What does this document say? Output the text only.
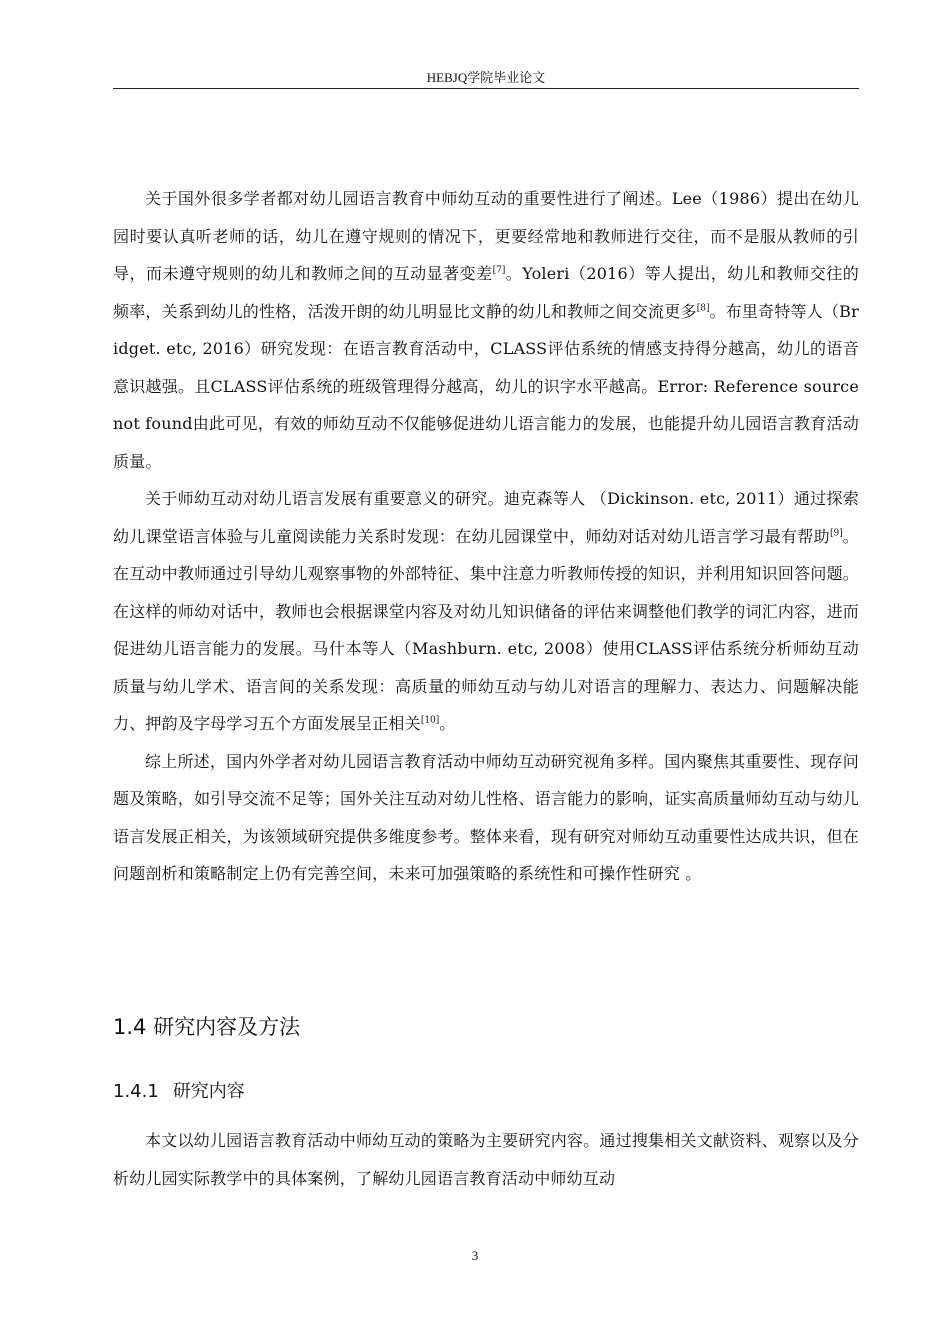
HEBJQ学院毕业论文

关于国外很多学者都对幼儿园语言教育中师幼互动的重要性进行了阐述。Lee（1986）提出在幼儿园时要认真听老师的话，幼儿在遵守规则的情况下，更要经常地和教师进行交往，而不是服从教师的引导，而未遵守规则的幼儿和教师之间的互动显著变差[7]。Yoleri（2016）等人提出，幼儿和教师交往的频率，关系到幼儿的性格，活泼开朗的幼儿明显比文静的幼儿和教师之间交流更多[8]。布里奇特等人（Bridget. etc, 2016）研究发现：在语言教育活动中，CLASS评估系统的情感支持得分越高，幼儿的语音意识越强。且CLASS评估系统的班级管理得分越高，幼儿的识字水平越高。Error: Reference source not found由此可见，有效的师幼互动不仅能够促进幼儿语言能力的发展，也能提升幼儿园语言教育活动质量。

关于师幼互动对幼儿语言发展有重要意义的研究。迪克森等人 （Dickinson. etc, 2011）通过探索幼儿课堂语言体验与儿童阅读能力关系时发现：在幼儿园课堂中，师幼对话对幼儿语言学习最有帮助[9]。在互动中教师通过引导幼儿观察事物的外部特征、集中注意力听教师传授的知识，并利用知识回答问题。在这样的师幼对话中，教师也会根据课堂内容及对幼儿知识储备的评估来调整他们教学的词汇内容，进而促进幼儿语言能力的发展。马什本等人（Mashburn. etc, 2008）使用CLASS评估系统分析师幼互动质量与幼儿学术、语言间的关系发现：高质量的师幼互动与幼儿对语言的理解力、表达力、问题解决能力、押韵及字母学习五个方面发展呈正相关[10]。

综上所述，国内外学者对幼儿园语言教育活动中师幼互动研究视角多样。国内聚焦其重要性、现存问题及策略，如引导交流不足等；国外关注互动对幼儿性格、语言能力的影响，证实高质量师幼互动与幼儿语言发展正相关，为该领域研究提供多维度参考。整体来看，现有研究对师幼互动重要性达成共识，但在问题剖析和策略制定上仍有完善空间，未来可加强策略的系统性和可操作性研究 。

1.4 研究内容及方法
1.4.1 研究内容

本文以幼儿园语言教育活动中师幼互动的策略为主要研究内容。通过搜集相关文献资料、观察以及分析幼儿园实际教学中的具体案例，了解幼儿园语言教育活动中师幼互动

3
